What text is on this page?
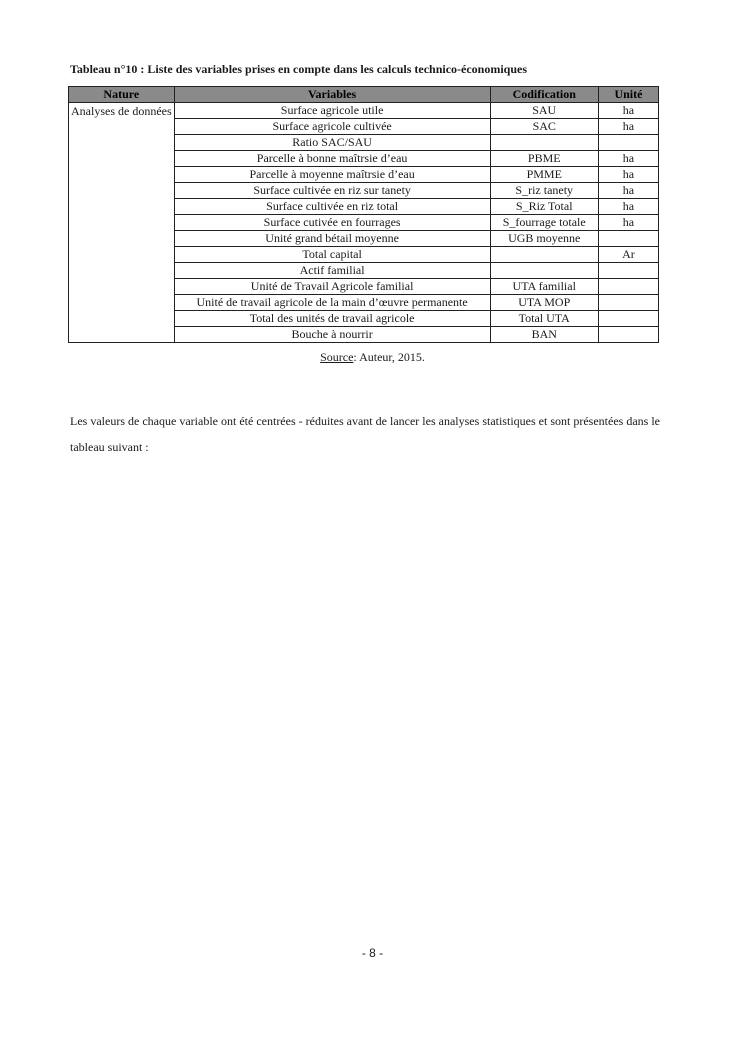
Tableau n°10 : Liste des variables prises en compte dans les calculs technico-économiques
Nature	Variables	Codification	Unité
Analyses de données	Surface agricole utile	SAU	ha
	Surface agricole cultivée	SAC	ha
	Ratio SAC/SAU		
	Parcelle à bonne maîtrsie d’eau	PBME	ha
	Parcelle à moyenne maîtrsie d’eau	PMME	ha
	Surface cultivée en riz sur tanety	S_riz tanety	ha
	Surface cultivée en riz total	S_Riz Total	ha
	Surface cutivée en fourrages	S_fourrage totale	ha
	Unité grand bétail moyenne	UGB moyenne	
	Total capital		Ar
	Actif familial		
	Unité de Travail Agricole familial	UTA familial	
	Unité de travail agricole de la main d’œuvre permanente	UTA MOP	
	Total des unités de travail agricole	Total UTA	
	Bouche à nourrir	BAN	
Source: Auteur, 2015.

Les valeurs de chaque variable ont été centrées - réduites avant de lancer les analyses statistiques et sont présentées dans le tableau suivant :

- 8 -
